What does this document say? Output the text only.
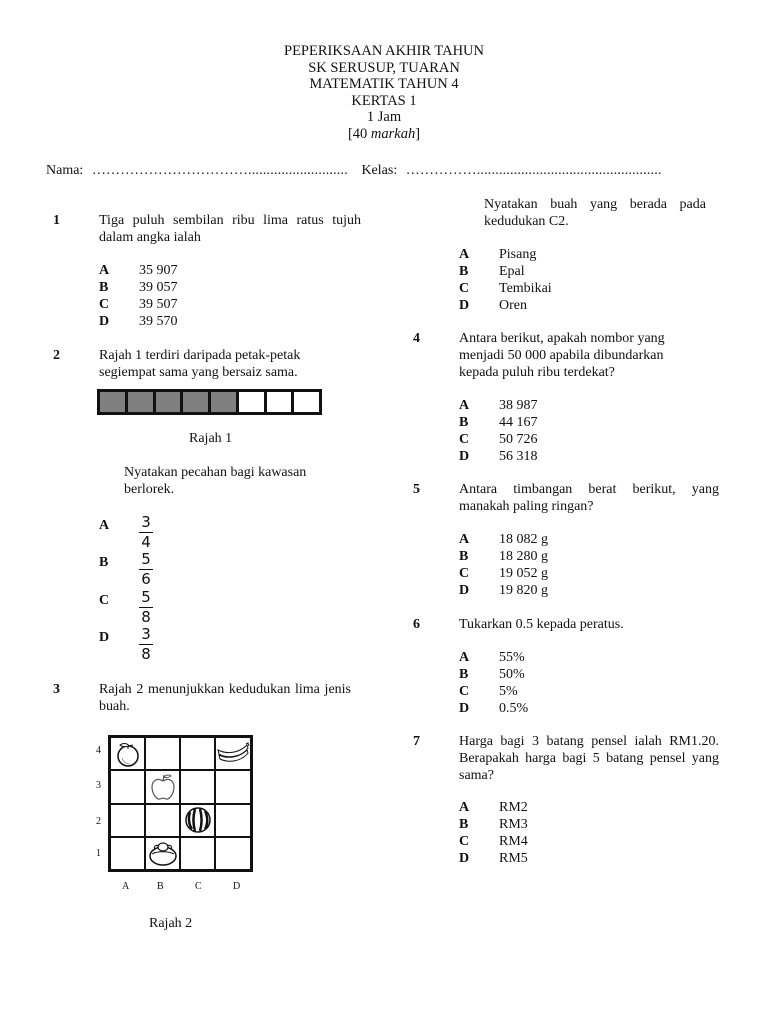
PEPERIKSAAN AKHIR TAHUN
SK SERUSUP, TUARAN
MATEMATIK TAHUN 4
KERTAS 1
1 Jam
[40 markah]
Nama: ……………………………........................... Kelas: ……………..................................................
1	Tiga puluh sembilan ribu lima ratus tujuh dalam angka ialah
A 35 907
B 39 057
C 39 507
D 39 570
2	Rajah 1 terdiri daripada petak-petak segiempat sama yang bersaiz sama.
Rajah 1
Nyatakan pecahan bagi kawasan berlorek.
A 3
4
B 5
6
C 5
8
D 3
8
3	Rajah 2 menunjukkan kedudukan lima jenis buah.
4
3
2
1
A	B	C	D
Rajah 2
Nyatakan buah yang berada pada kedudukan C2.
A Pisang
B Epal
C Tembikai
D Oren
4	Antara berikut, apakah nombor yang menjadi 50 000 apabila dibundarkan kepada puluh ribu terdekat?
A 38 987
B 44 167
C 50 726
D 56 318
5	Antara timbangan berat berikut, yang manakah paling ringan?
A 18 082 g
B 18 280 g
C 19 052 g
D 19 820 g
6	Tukarkan 0.5 kepada peratus.
A 55%
B 50%
C 5%
D 0.5%
7	Harga bagi 3 batang pensel ialah RM1.20. Berapakah harga bagi 5 batang pensel yang sama?
A RM2
B RM3
C RM4
D RM5
